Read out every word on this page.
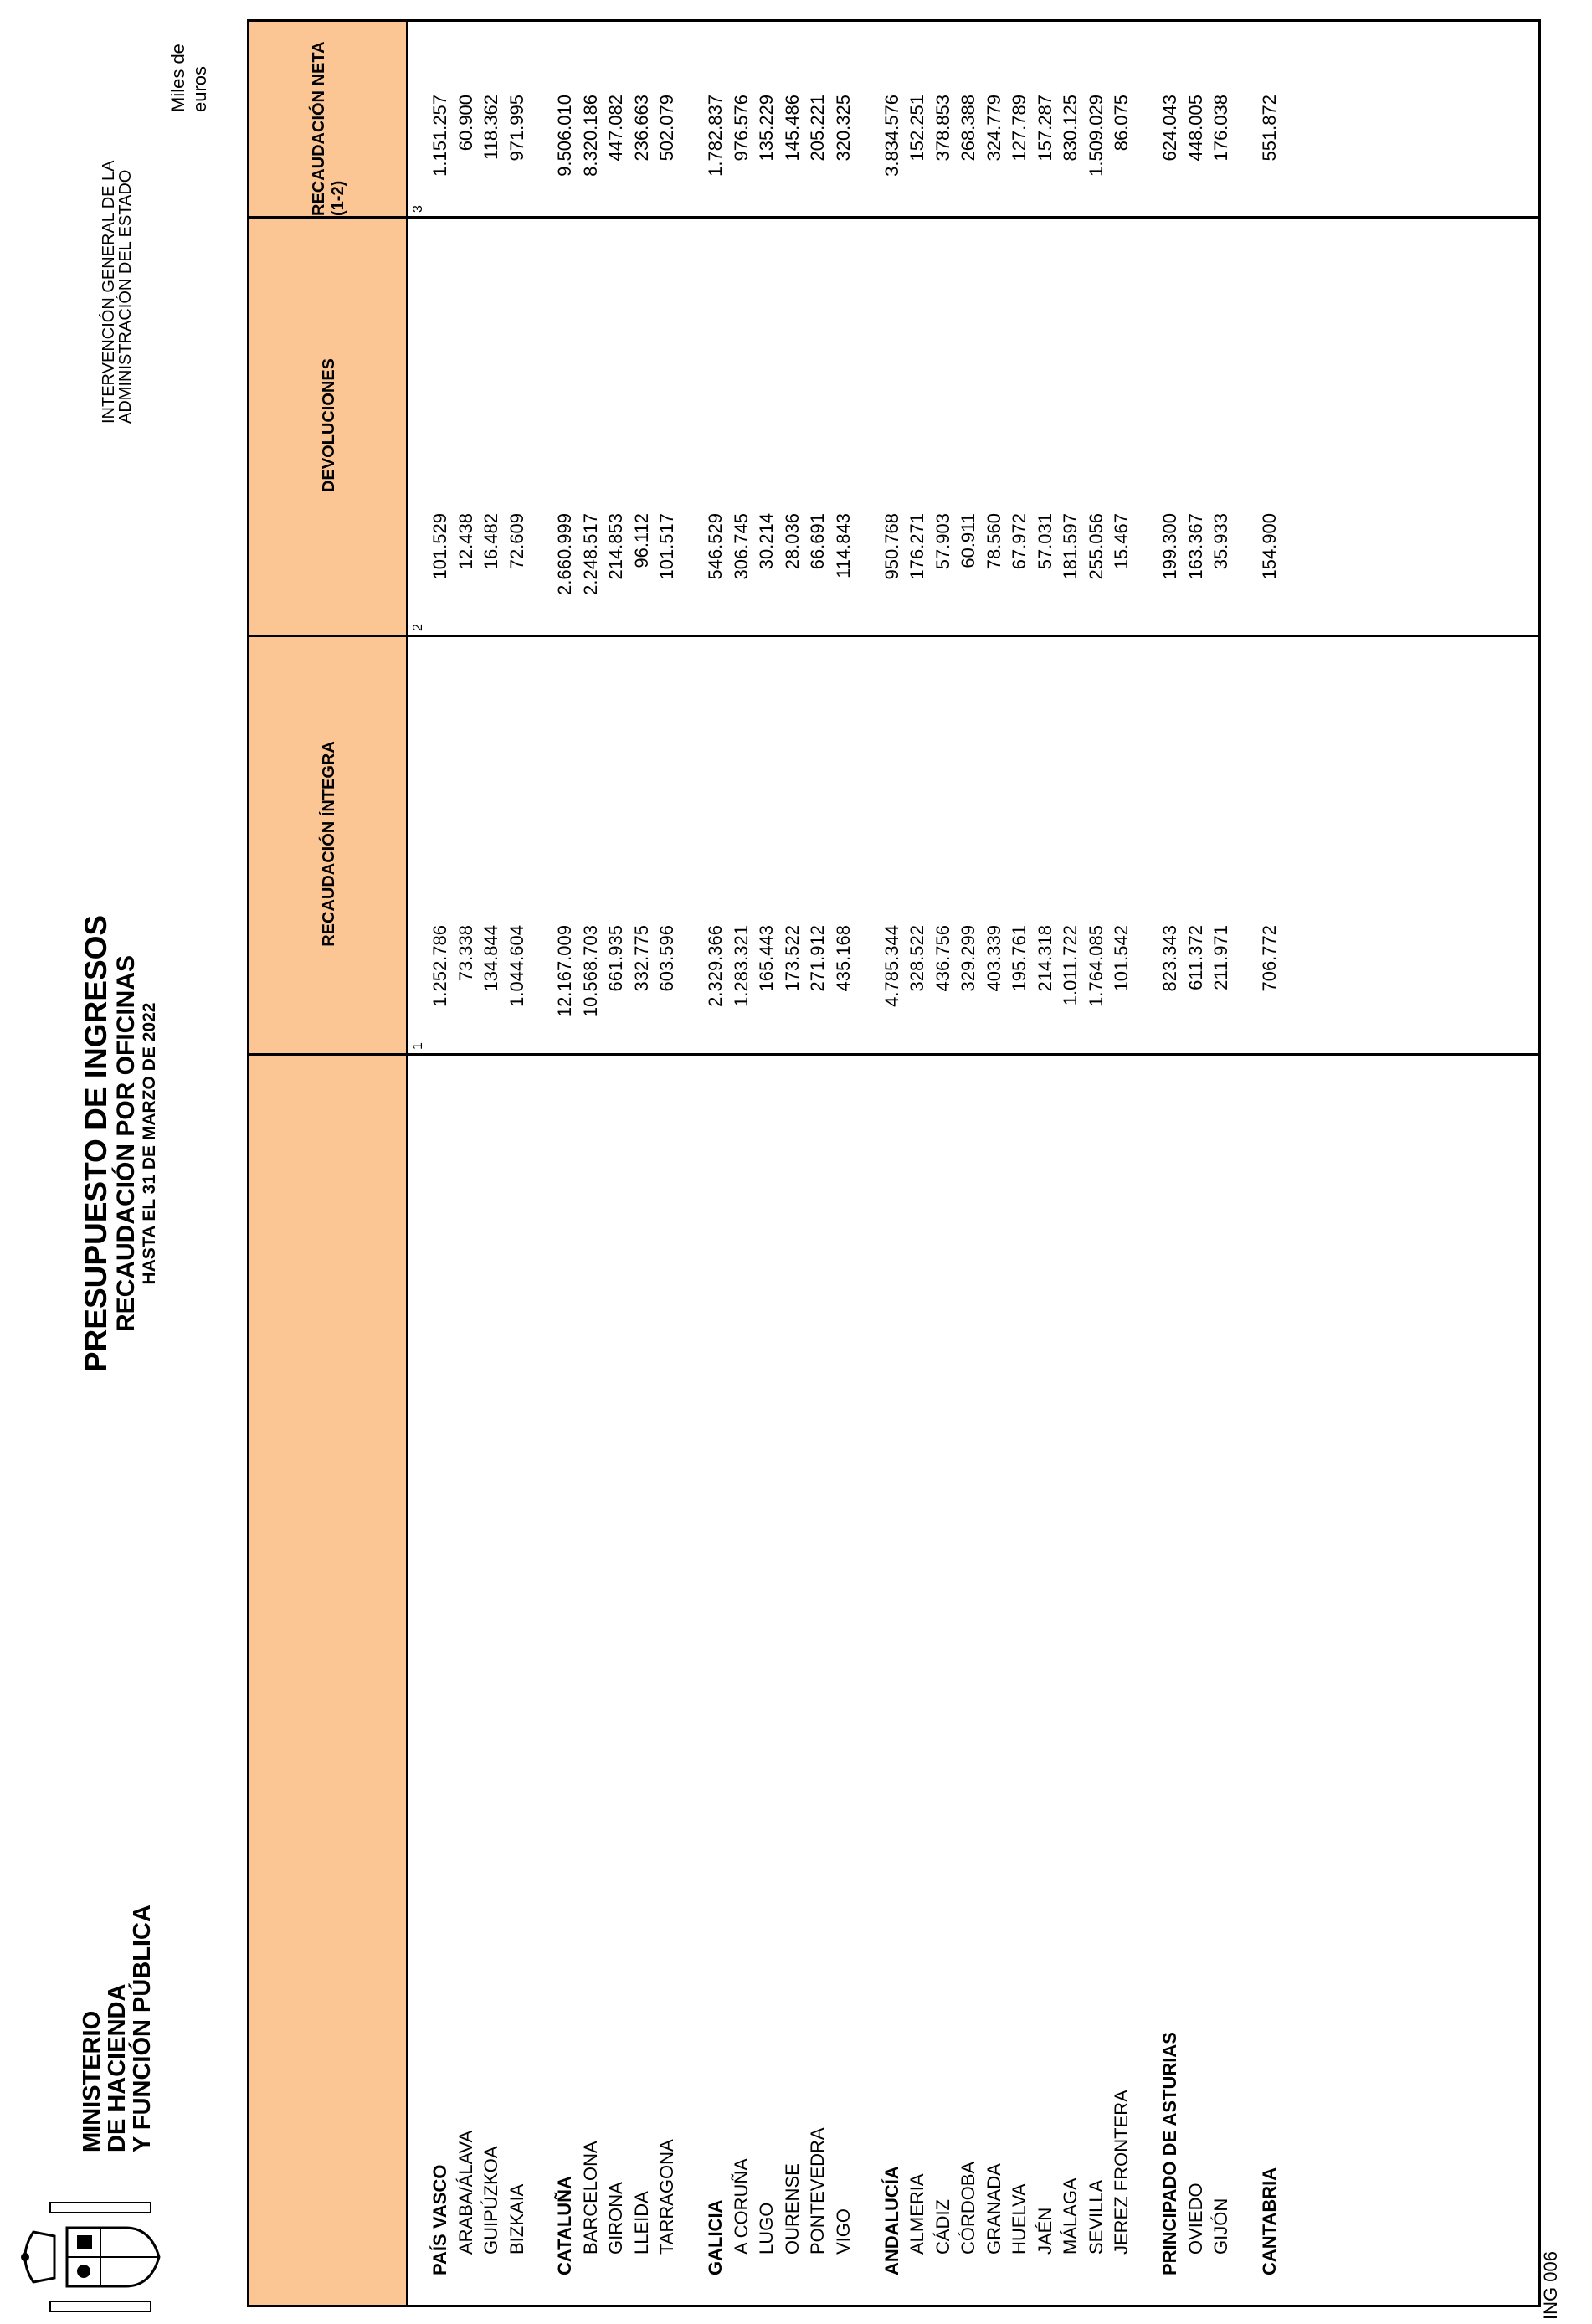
MINISTERIO
DE HACIENDA
Y FUNCIÓN PÚBLICA
PRESUPUESTO DE INGRESOS RECAUDACIÓN POR OFICINAS HASTA EL 31 DE MARZO DE 2022
INTERVENCIÓN GENERAL DE LA
ADMINISTRACIÓN DEL ESTADO
Miles de euros
ING 006
RECAUDACIÓN ÍNTEGRA
DEVOLUCIONES
RECAUDACIÓN NETA (1-2)
PAÍS VASCO
1.252.786
101.529
1.151.257
ARABA/ÁLAVA
73.338
12.438
60.900
GUIPÚZKOA
134.844
16.482
118.362
BIZKAIA
1.044.604
72.609
971.995
CATALUÑA
12.167.009
2.660.999
9.506.010
BARCELONA
10.568.703
2.248.517
8.320.186
GIRONA
661.935
214.853
447.082
LLEIDA
332.775
96.112
236.663
TARRAGONA
603.596
101.517
502.079
GALICIA
2.329.366
546.529
1.782.837
A CORUÑA
1.283.321
306.745
976.576
LUGO
165.443
30.214
135.229
OURENSE
173.522
28.036
145.486
PONTEVEDRA
271.912
66.691
205.221
VIGO
435.168
114.843
320.325
ANDALUCÍA
4.785.344
950.768
3.834.576
ALMERIA
328.522
176.271
152.251
CÁDIZ
436.756
57.903
378.853
CÓRDOBA
329.299
60.911
268.388
GRANADA
403.339
78.560
324.779
HUELVA
195.761
67.972
127.789
JAÉN
214.318
57.031
157.287
MÁLAGA
1.011.722
181.597
830.125
SEVILLA
1.764.085
255.056
1.509.029
JEREZ FRONTERA
101.542
15.467
86.075
PRINCIPADO DE ASTURIAS
823.343
199.300
624.043
OVIEDO
611.372
163.367
448.005
GIJÓN
211.971
35.933
176.038
CANTABRIA
706.772
154.900
551.872
1
2
3
